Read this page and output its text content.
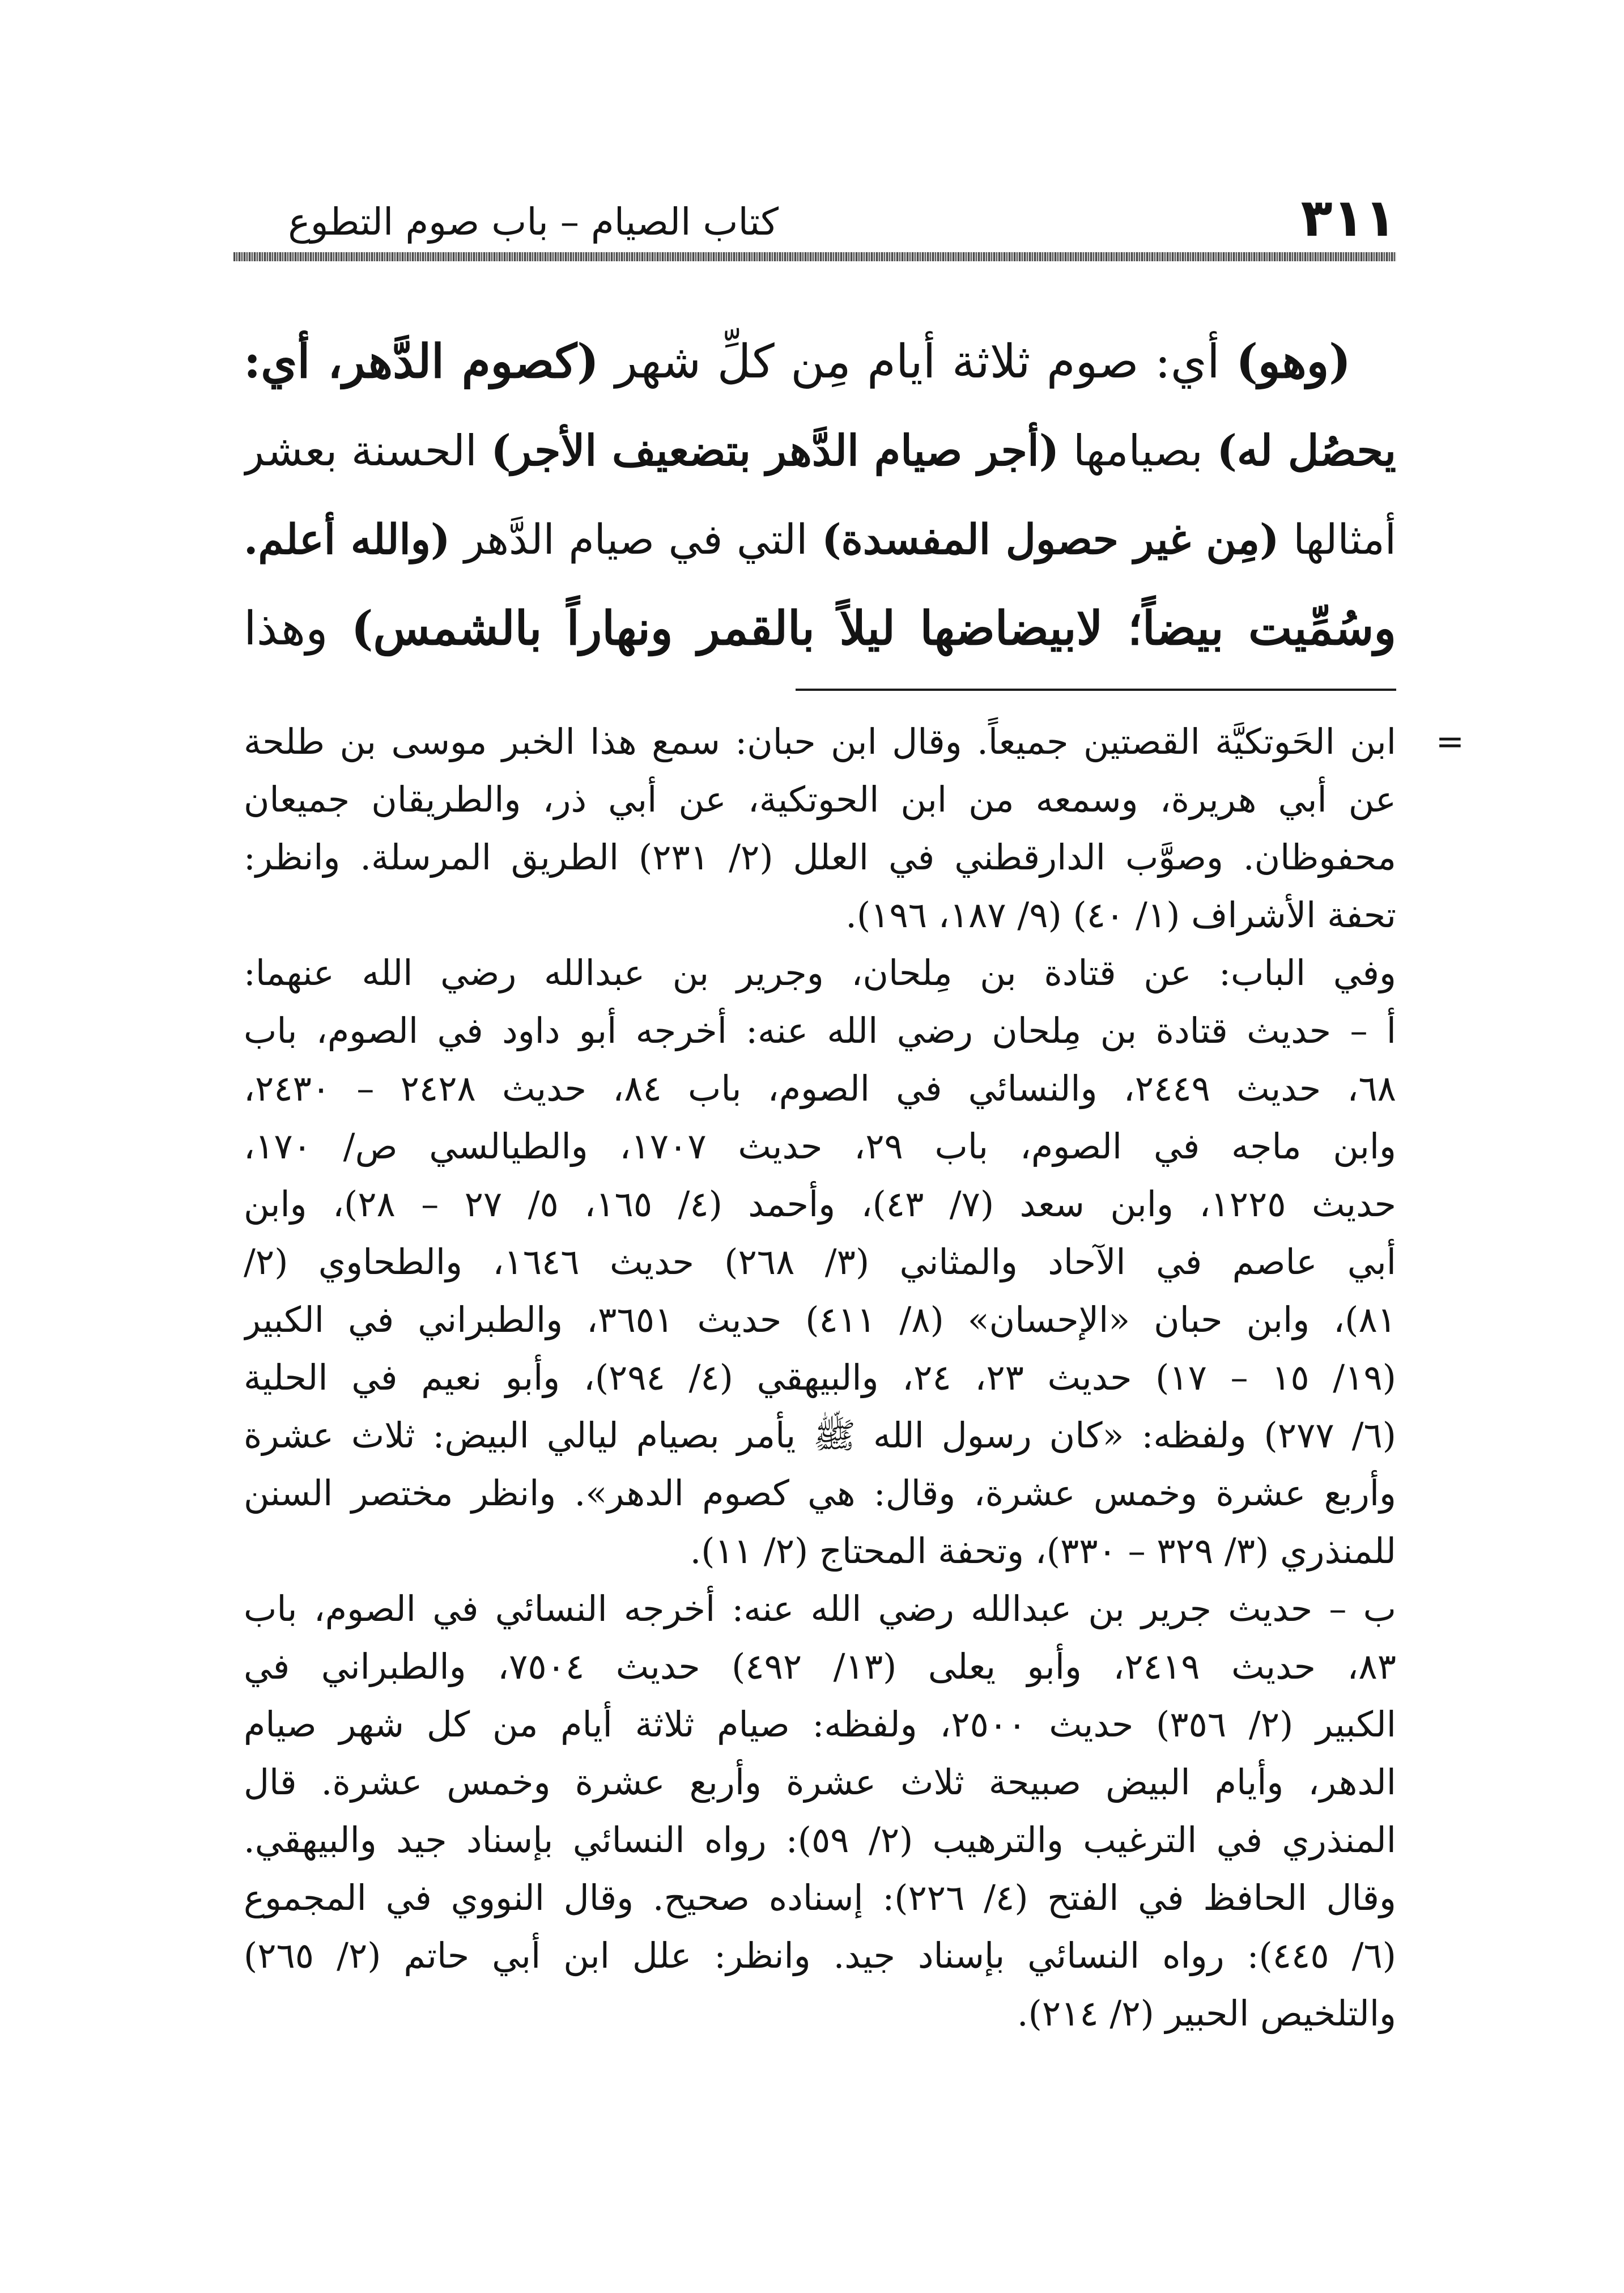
٣١١
كتاب الصيام – باب صوم التطوع
(وهو) أي: صوم ثلاثة أيام مِن كلِّ شهر (كصوم الدَّهر، أي:
يحصُل له) بصيامها (أجر صيام الدَّهر بتضعيف الأجر) الحسنة بعشر
أمثالها (مِن غير حصول المفسدة) التي في صيام الدَّهر (والله أعلم.
وسُمِّيت بيضاً؛ لابيضاضها ليلاً بالقمر ونهاراً بالشمس) وهذا
=
ابن الحَوتكيَّة القصتين جميعاً. وقال ابن حبان: سمع هذا الخبر موسى بن طلحة
عن أبي هريرة، وسمعه من ابن الحوتكية، عن أبي ذر، والطريقان جميعان
محفوظان. وصوَّب الدارقطني في العلل (٢/ ٢٣١) الطريق المرسلة. وانظر:
تحفة الأشراف (١/ ٤٠) (٩/ ١٨٧، ١٩٦).
وفي الباب: عن قتادة بن مِلحان، وجرير بن عبدالله رضي الله عنهما:
أ – حديث قتادة بن مِلحان رضي الله عنه: أخرجه أبو داود في الصوم، باب
٦٨، حديث ٢٤٤٩، والنسائي في الصوم، باب ٨٤، حديث ٢٤٢٨ – ٢٤٣٠،
وابن ماجه في الصوم، باب ٢٩، حديث ١٧٠٧، والطيالسي ص/ ١٧٠،
حديث ١٢٢٥، وابن سعد (٧/ ٤٣)، وأحمد (٤/ ١٦٥، ٥/ ٢٧ – ٢٨)، وابن
أبي عاصم في الآحاد والمثاني (٣/ ٢٦٨) حديث ١٦٤٦، والطحاوي (٢/
٨١)، وابن حبان «الإحسان» (٨/ ٤١١) حديث ٣٦٥١، والطبراني في الكبير
(١٩/ ١٥ – ١٧) حديث ٢٣، ٢٤، والبيهقي (٤/ ٢٩٤)، وأبو نعيم في الحلية
(٦/ ٢٧٧) ولفظه: «كان رسول الله ﷺ يأمر بصيام ليالي البيض: ثلاث عشرة
وأربع عشرة وخمس عشرة، وقال: هي كصوم الدهر». وانظر مختصر السنن
للمنذري (٣/ ٣٢٩ – ٣٣٠)، وتحفة المحتاج (٢/ ١١).
ب – حديث جرير بن عبدالله رضي الله عنه: أخرجه النسائي في الصوم، باب
٨٣، حديث ٢٤١٩، وأبو يعلى (١٣/ ٤٩٢) حديث ٧٥٠٤، والطبراني في
الكبير (٢/ ٣٥٦) حديث ٢٥٠٠، ولفظه: صيام ثلاثة أيام من كل شهر صيام
الدهر، وأيام البيض صبيحة ثلاث عشرة وأربع عشرة وخمس عشرة. قال
المنذري في الترغيب والترهيب (٢/ ٥٩): رواه النسائي بإسناد جيد والبيهقي.
وقال الحافظ في الفتح (٤/ ٢٢٦): إسناده صحيح. وقال النووي في المجموع
(٦/ ٤٤٥): رواه النسائي بإسناد جيد. وانظر: علل ابن أبي حاتم (٢/ ٢٦٥)
والتلخيص الحبير (٢/ ٢١٤).
